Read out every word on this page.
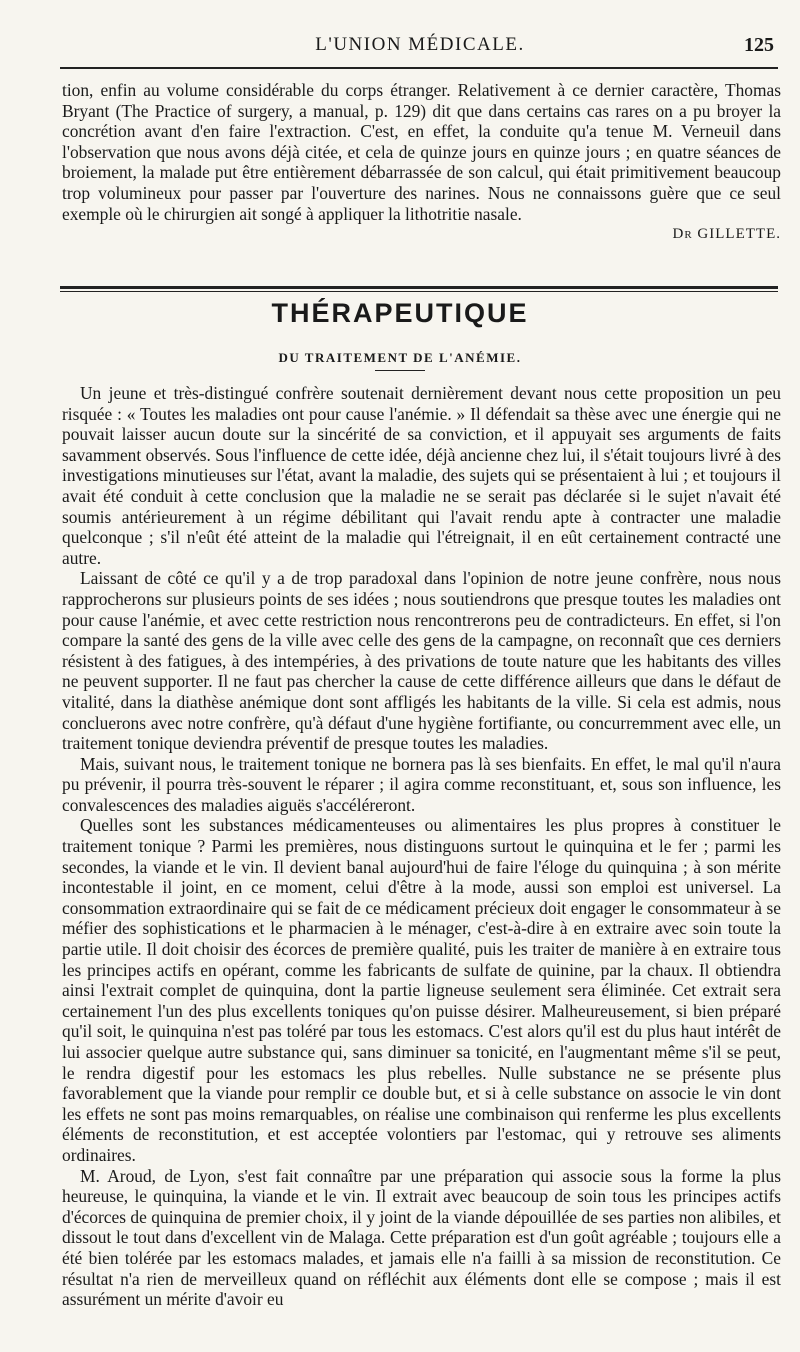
L'UNION MÉDICALE.	125

tion, enfin au volume considérable du corps étranger. Relativement à ce dernier caractère, Thomas Bryant (The Practice of surgery, a manual, p. 129) dit que dans certains cas rares on a pu broyer la concrétion avant d'en faire l'extraction. C'est, en effet, la conduite qu'a tenue M. Verneuil dans l'observation que nous avons déjà citée, et cela de quinze jours en quinze jours ; en quatre séances de broiement, la malade put être entièrement débarrassée de son calcul, qui était primitivement beaucoup trop volumineux pour passer par l'ouverture des narines. Nous ne connaissons guère que ce seul exemple où le chirurgien ait songé à appliquer la lithotritie nasale.

Dr GILLETTE.
THÉRAPEUTIQUE
DU TRAITEMENT DE L'ANÉMIE.

Un jeune et très-distingué confrère soutenait dernièrement devant nous cette proposition un peu risquée : « Toutes les maladies ont pour cause l'anémie. » Il défendait sa thèse avec une énergie qui ne pouvait laisser aucun doute sur la sincérité de sa conviction, et il appuyait ses arguments de faits savamment observés. Sous l'influence de cette idée, déjà ancienne chez lui, il s'était toujours livré à des investigations minutieuses sur l'état, avant la maladie, des sujets qui se présentaient à lui ; et toujours il avait été conduit à cette conclusion que la maladie ne se serait pas déclarée si le sujet n'avait été soumis antérieurement à un régime débilitant qui l'avait rendu apte à contracter une maladie quelconque ; s'il n'eût été atteint de la maladie qui l'étreignait, il en eût certainement contracté une autre.

Laissant de côté ce qu'il y a de trop paradoxal dans l'opinion de notre jeune confrère, nous nous rapprocherons sur plusieurs points de ses idées ; nous soutiendrons que presque toutes les maladies ont pour cause l'anémie, et avec cette restriction nous rencontrerons peu de contradicteurs. En effet, si l'on compare la santé des gens de la ville avec celle des gens de la campagne, on reconnaît que ces derniers résistent à des fatigues, à des intempéries, à des privations de toute nature que les habitants des villes ne peuvent supporter. Il ne faut pas chercher la cause de cette différence ailleurs que dans le défaut de vitalité, dans la diathèse anémique dont sont affligés les habitants de la ville. Si cela est admis, nous concluerons avec notre confrère, qu'à défaut d'une hygiène fortifiante, ou concurremment avec elle, un traitement tonique deviendra préventif de presque toutes les maladies.

Mais, suivant nous, le traitement tonique ne bornera pas là ses bienfaits. En effet, le mal qu'il n'aura pu prévenir, il pourra très-souvent le réparer ; il agira comme reconstituant, et, sous son influence, les convalescences des maladies aiguës s'accéléreront.

Quelles sont les substances médicamenteuses ou alimentaires les plus propres à constituer le traitement tonique ? Parmi les premières, nous distinguons surtout le quinquina et le fer ; parmi les secondes, la viande et le vin. Il devient banal aujourd'hui de faire l'éloge du quinquina ; à son mérite incontestable il joint, en ce moment, celui d'être à la mode, aussi son emploi est universel. La consommation extraordinaire qui se fait de ce médicament précieux doit engager le consommateur à se méfier des sophistications et le pharmacien à le ménager, c'est-à-dire à en extraire avec soin toute la partie utile. Il doit choisir des écorces de première qualité, puis les traiter de manière à en extraire tous les principes actifs en opérant, comme les fabricants de sulfate de quinine, par la chaux. Il obtiendra ainsi l'extrait complet de quinquina, dont la partie ligneuse seulement sera éliminée. Cet extrait sera certainement l'un des plus excellents toniques qu'on puisse désirer. Malheureusement, si bien préparé qu'il soit, le quinquina n'est pas toléré par tous les estomacs. C'est alors qu'il est du plus haut intérêt de lui associer quelque autre substance qui, sans diminuer sa tonicité, en l'augmentant même s'il se peut, le rendra digestif pour les estomacs les plus rebelles. Nulle substance ne se présente plus favorablement que la viande pour remplir ce double but, et si à celle substance on associe le vin dont les effets ne sont pas moins remarquables, on réalise une combinaison qui renferme les plus excellents éléments de reconstitution, et est acceptée volontiers par l'estomac, qui y retrouve ses aliments ordinaires.

M. Aroud, de Lyon, s'est fait connaître par une préparation qui associe sous la forme la plus heureuse, le quinquina, la viande et le vin. Il extrait avec beaucoup de soin tous les principes actifs d'écorces de quinquina de premier choix, il y joint de la viande dépouillée de ses parties non alibiles, et dissout le tout dans d'excellent vin de Malaga. Cette préparation est d'un goût agréable ; toujours elle a été bien tolérée par les estomacs malades, et jamais elle n'a failli à sa mission de reconstitution. Ce résultat n'a rien de merveilleux quand on réfléchit aux éléments dont elle se compose ; mais il est assurément un mérite d'avoir eu
